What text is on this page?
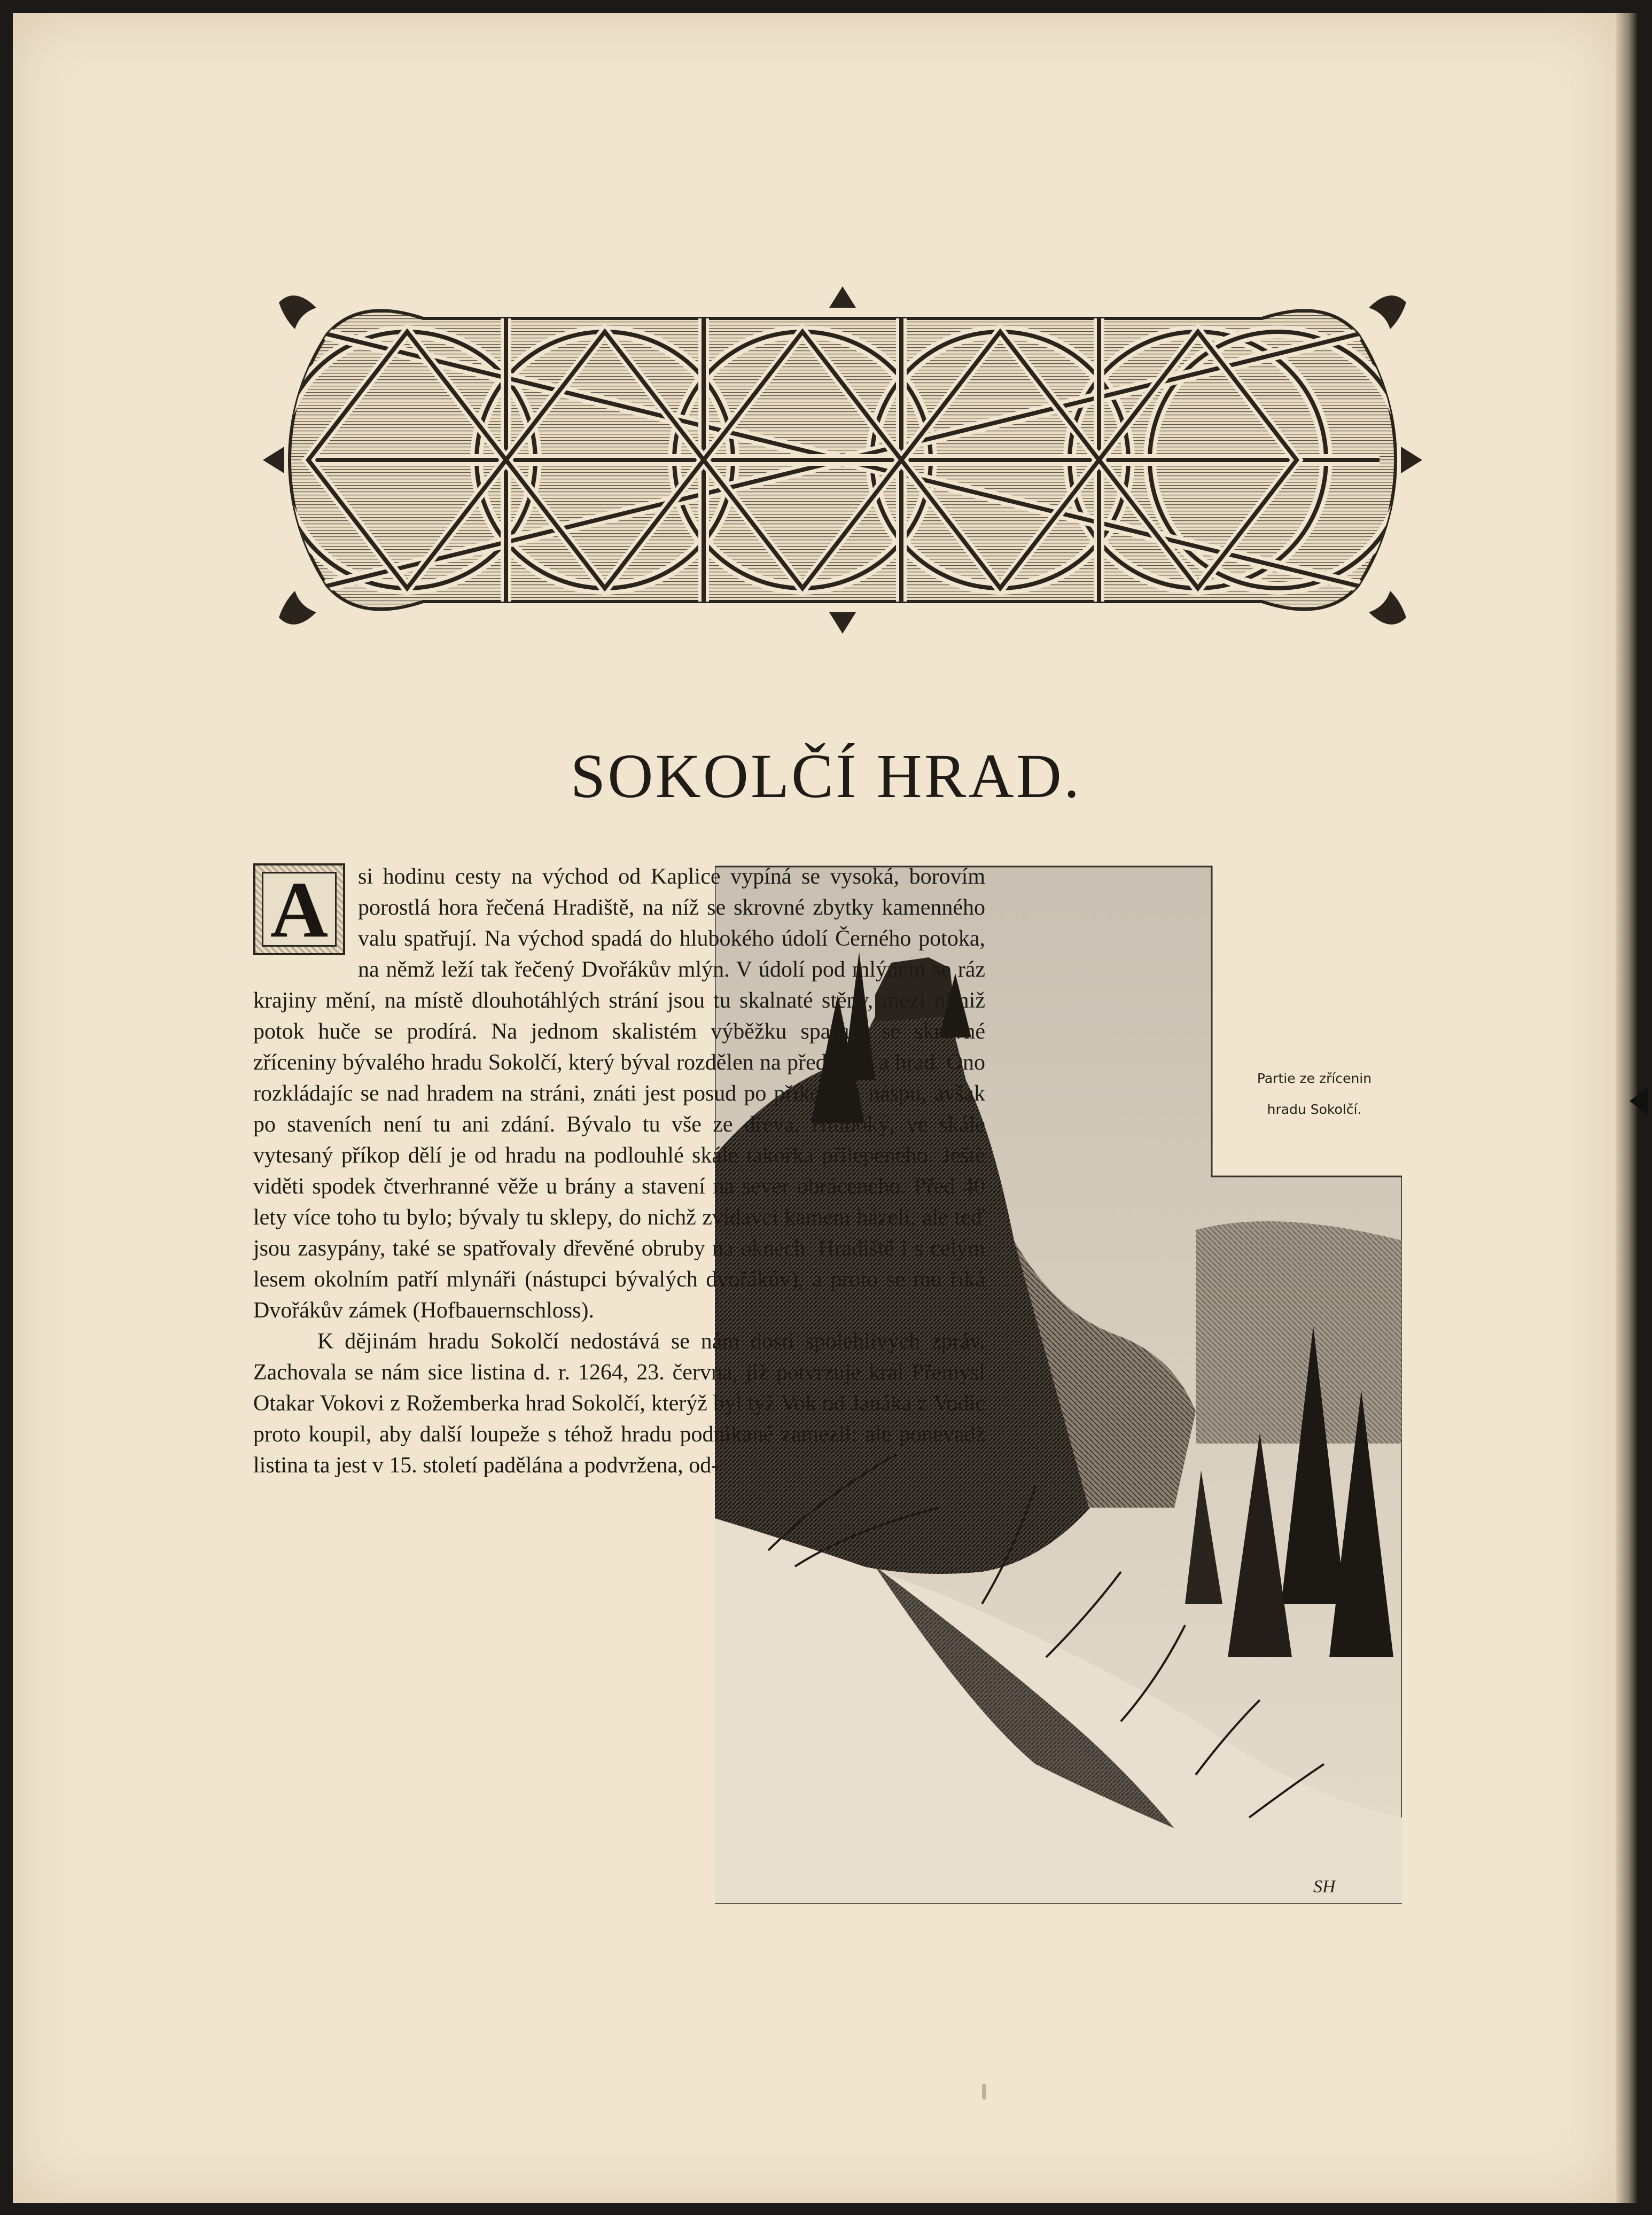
SOKOLČÍ HRAD.
SH
Partie ze zřícenin
hradu Sokolčí.
A	si hodinu cesty na východ od Kaplice vypíná se vysoká, borovím porostlá hora řečená Hradiště, na níž se skrovné zbytky kamenného valu spatřují. Na východ spadá do hlubokého údolí Černého potoka, na němž leží tak řečený Dvořákův mlýn. V údolí pod mlýnem se ráz krajiny mění, na místě dlouhotáhlých strání jsou tu skalnaté stěny, mezi nimiž potok huče se prodírá. Na jednom skalistém výběžku spatřují se skrovné zříceniny bývalého hradu Sokolčí, který býval rozdělen na předhradí a hrad. Ono rozkládajíc se nad hradem na stráni, znáti jest posud po příkopu a náspu, avšak po staveních není tu ani zdání. Bývalo tu vše ze dřeva. Hluboký, ve skále vytesaný příkop dělí je od hradu na podlouhlé skále takořka přilepeného. Ještě viděti spodek čtverhranné věže u brány a stavení na sever obráceného. Před 40 lety více toho tu bylo; bývaly tu sklepy, do nichž zvídavci kamení házeli, ale teď jsou zasypány, také se spatřovaly dřevěné obruby na oknech. Hradiště i s celým lesem okolním patří mlynáři (nástupci bývalých dvořákův), a proto se mu říká Dvořákův zámek (Hofbauernschloss).

K dějinám hradu Sokolčí nedostává se nám dosti spolehlivých zpráv. Zachovala se nám sice listina d. r. 1264, 23. června, již potvrzuje král Přemysl Otakar Vokovi z Rožemberka hrad Sokolčí, kterýž byl týž Vok od Janáka z Vodic proto koupil, aby další loupeže s téhož hradu podnikané zamezil; ale ponévadž listina ta jest v 15. století padělána a podvržena, od-
